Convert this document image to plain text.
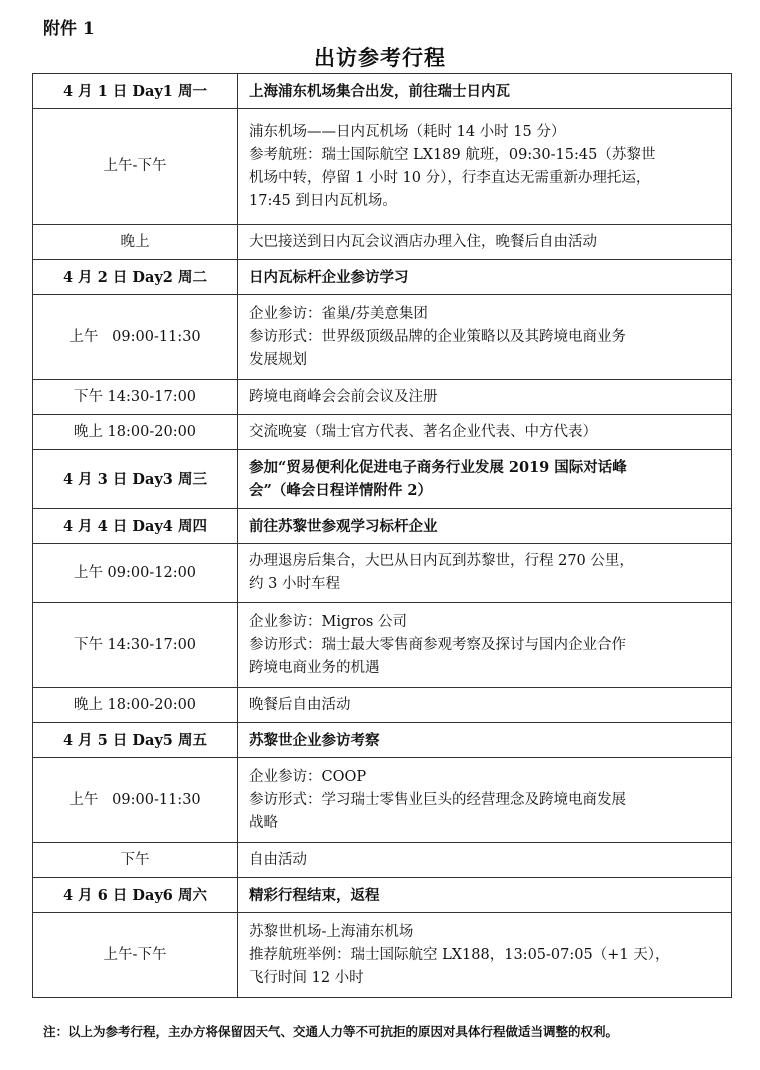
附件 1
出访参考行程
4 月 1 日 Day1 周一	上海浦东机场集合出发，前往瑞士日内瓦

上午-下午	浦东机场——日内瓦机场（耗时 14 小时 15 分）
参考航班：瑞士国际航空 LX189 航班，09:30-15:45（苏黎世
机场中转，停留 1 小时 10 分），行李直达无需重新办理托运，
17:45 到日内瓦机场。

晚上	大巴接送到日内瓦会议酒店办理入住，晚餐后自由活动

4 月 2 日 Day2 周二	日内瓦标杆企业参访学习

上午   09:00-11:30	企业参访：雀巢/芬美意集团
参访形式：世界级顶级品牌的企业策略以及其跨境电商业务
发展规划

下午 14:30-17:00	跨境电商峰会会前会议及注册

晚上 18:00-20:00	交流晚宴（瑞士官方代表、著名企业代表、中方代表）

4 月 3 日 Day3 周三	参加“贸易便利化促进电子商务行业发展 2019 国际对话峰
会”（峰会日程详情附件 2）

4 月 4 日 Day4 周四	前往苏黎世参观学习标杆企业

上午 09:00-12:00	办理退房后集合，大巴从日内瓦到苏黎世，行程 270 公里，
约 3 小时车程

下午 14:30-17:00	企业参访：Migros 公司
参访形式：瑞士最大零售商参观考察及探讨与国内企业合作
跨境电商业务的机遇

晚上 18:00-20:00	晚餐后自由活动

4 月 5 日 Day5 周五	苏黎世企业参访考察

上午   09:00-11:30	企业参访：COOP
参访形式：学习瑞士零售业巨头的经营理念及跨境电商发展
战略

下午	自由活动

4 月 6 日 Day6 周六	精彩行程结束，返程

上午-下午	苏黎世机场-上海浦东机场
推荐航班举例：瑞士国际航空 LX188，13:05-07:05（+1 天），
飞行时间 12 小时
注：以上为参考行程，主办方将保留因天气、交通人力等不可抗拒的原因对具体行程做适当调整的权利。
